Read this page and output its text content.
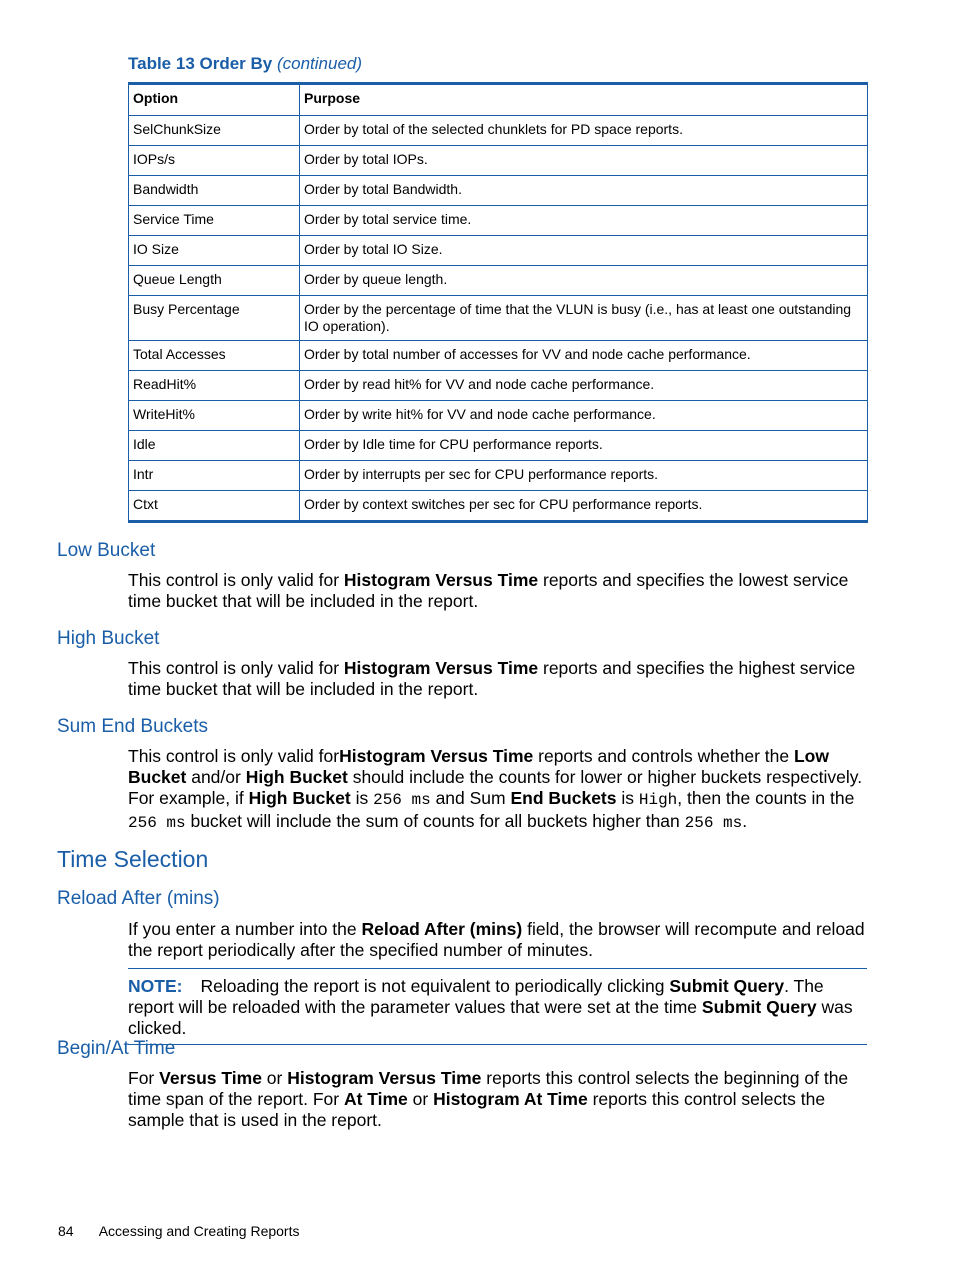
Table 13 Order By (continued)
Option	Purpose
SelChunkSize	Order by total of the selected chunklets for PD space reports.
IOPs/s	Order by total IOPs.
Bandwidth	Order by total Bandwidth.
Service Time	Order by total service time.
IO Size	Order by total IO Size.
Queue Length	Order by queue length.
Busy Percentage	Order by the percentage of time that the VLUN is busy (i.e., has at least one outstanding IO operation).
Total Accesses	Order by total number of accesses for VV and node cache performance.
ReadHit%	Order by read hit% for VV and node cache performance.
WriteHit%	Order by write hit% for VV and node cache performance.
Idle	Order by Idle time for CPU performance reports.
Intr	Order by interrupts per sec for CPU performance reports.
Ctxt	Order by context switches per sec for CPU performance reports.
Low Bucket
This control is only valid for Histogram Versus Time reports and specifies the lowest service time bucket that will be included in the report.
High Bucket
This control is only valid for Histogram Versus Time reports and specifies the highest service time bucket that will be included in the report.
Sum End Buckets
This control is only valid forHistogram Versus Time reports and controls whether the Low Bucket and/or High Bucket should include the counts for lower or higher buckets respectively. For example, if High Bucket is 256 ms and Sum End Buckets is High, then the counts in the 256 ms bucket will include the sum of counts for all buckets higher than 256 ms.
Time Selection
Reload After (mins)
If you enter a number into the Reload After (mins) field, the browser will recompute and reload the report periodically after the specified number of minutes.
NOTE: Reloading the report is not equivalent to periodically clicking Submit Query. The report will be reloaded with the parameter values that were set at the time Submit Query was clicked.
Begin/At Time
For Versus Time or Histogram Versus Time reports this control selects the beginning of the time span of the report. For At Time or Histogram At Time reports this control selects the sample that is used in the report.
84 Accessing and Creating Reports
